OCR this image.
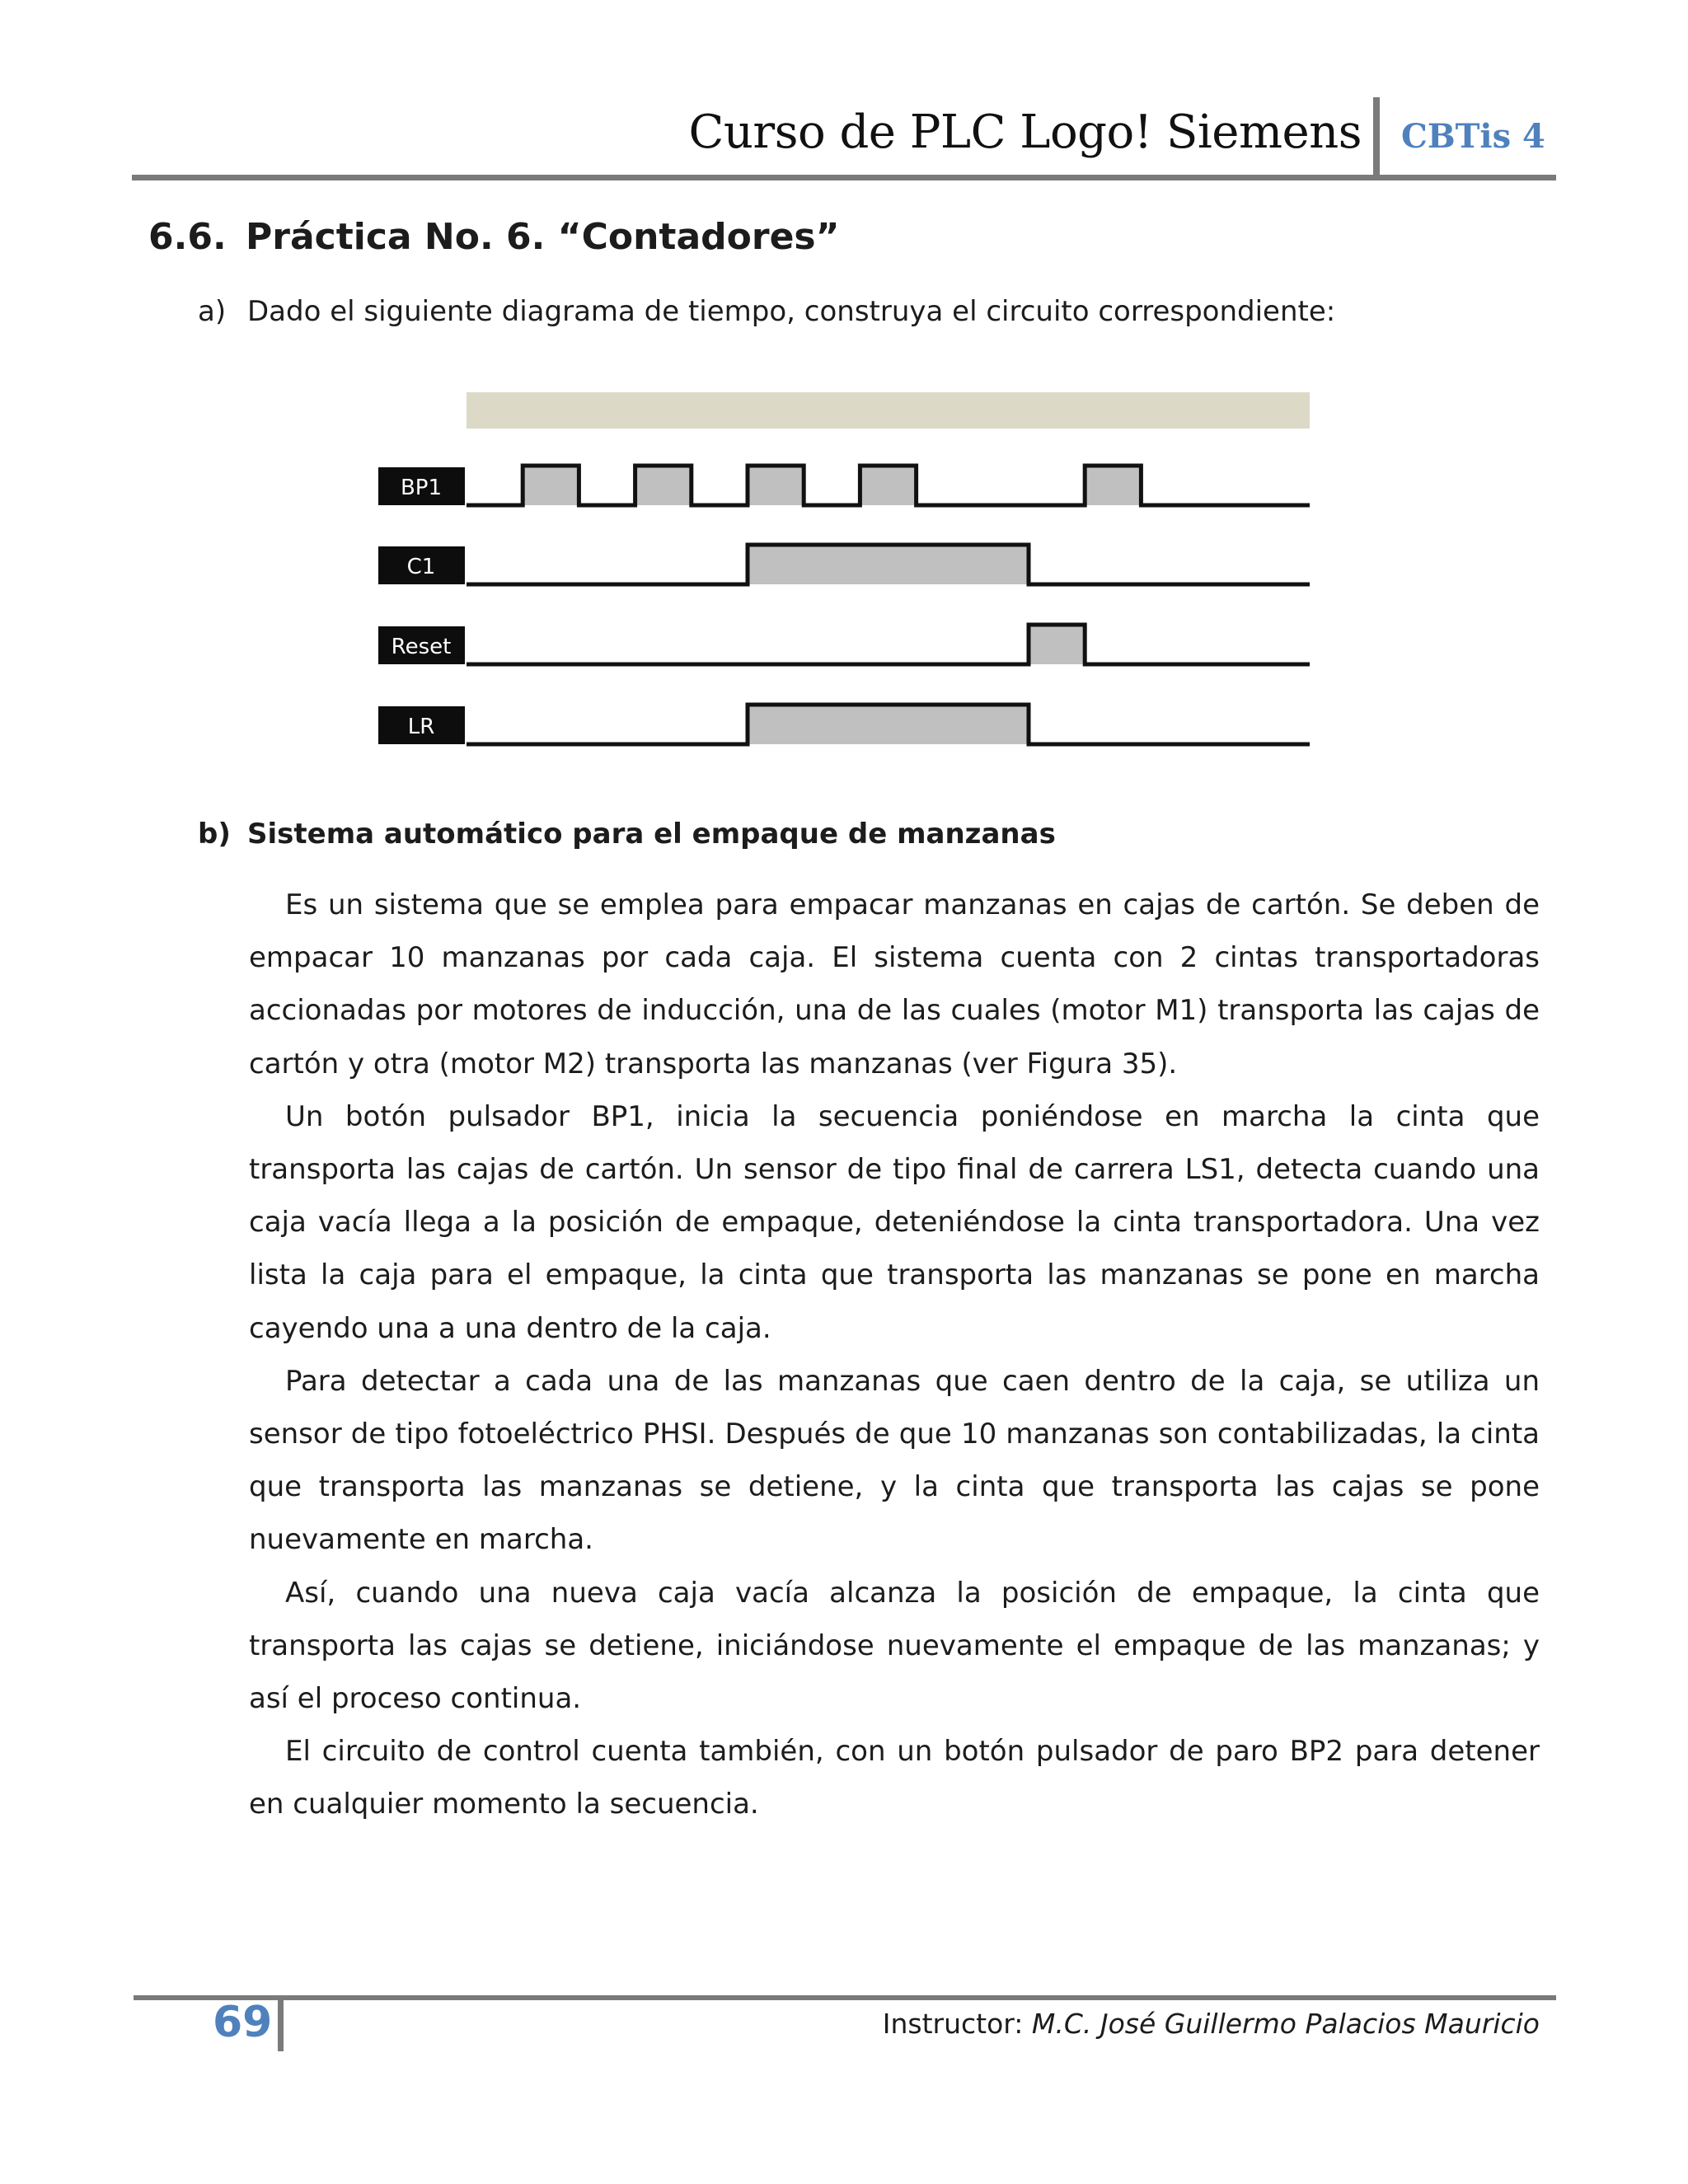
Curso de PLC Logo! Siemens CBTis 4
6.6. Práctica No. 6. “Contadores”
a) Dado el siguiente diagrama de tiempo, construya el circuito correspondiente:
BP1
C1
Reset
LR
b) Sistema automático para el empaque de manzanas

Es un sistema que se emplea para empacar manzanas en cajas de cartón. Se deben de empacar 10 manzanas por cada caja. El sistema cuenta con 2 cintas transportadoras accionadas por motores de inducción, una de las cuales (motor M1) transporta las cajas de cartón y otra (motor M2) transporta las manzanas (ver Figura 35).

Un botón pulsador BP1, inicia la secuencia poniéndose en marcha la cinta que transporta las cajas de cartón. Un sensor de tipo final de carrera LS1, detecta cuando una caja vacía llega a la posición de empaque, deteniéndose la cinta transportadora. Una vez lista la caja para el empaque, la cinta que transporta las manzanas se pone en marcha cayendo una a una dentro de la caja.

Para detectar a cada una de las manzanas que caen dentro de la caja, se utiliza un sensor de tipo fotoeléctrico PHSI. Después de que 10 manzanas son contabilizadas, la cinta que transporta las manzanas se detiene, y la cinta que transporta las cajas se pone nuevamente en marcha.

Así, cuando una nueva caja vacía alcanza la posición de empaque, la cinta que transporta las cajas se detiene, iniciándose nuevamente el empaque de las manzanas; y así el proceso continua.

El circuito de control cuenta también, con un botón pulsador de paro BP2 para detener en cualquier momento la secuencia.

69	Instructor: M.C. José Guillermo Palacios Mauricio
